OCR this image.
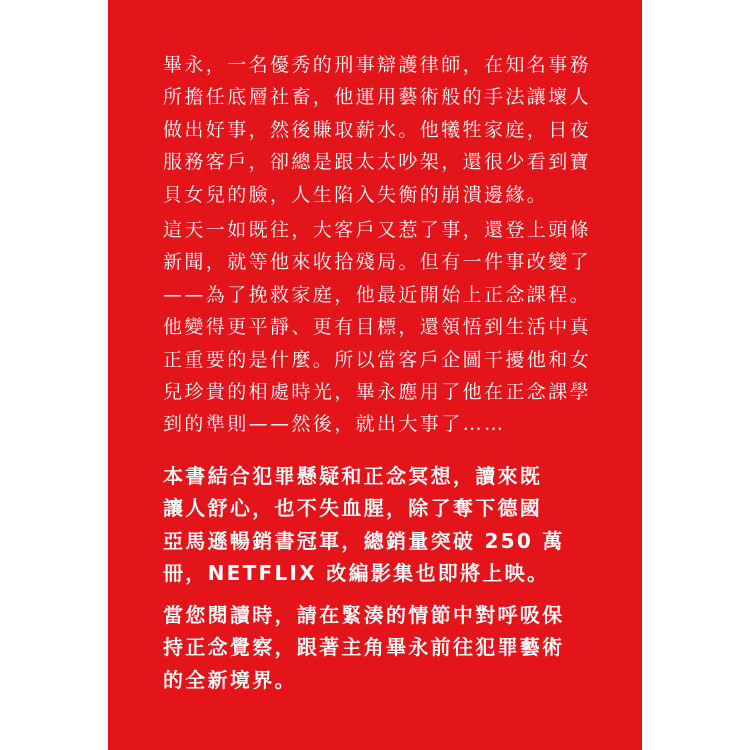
畢永，一名優秀的刑事辯護律師，在知名事務
所擔任底層社畜，他運用藝術般的手法讓壞人
做出好事，然後賺取薪水。他犧牲家庭，日夜
服務客戶，卻總是跟太太吵架，還很少看到寶
貝女兒的臉，人生陷入失衡的崩潰邊緣。
這天一如既往，大客戶又惹了事，還登上頭條
新聞，就等他來收拾殘局。但有一件事改變了
——為了挽救家庭，他最近開始上正念課程。
他變得更平靜、更有目標，還領悟到生活中真
正重要的是什麼。所以當客戶企圖干擾他和女
兒珍貴的相處時光，畢永應用了他在正念課學
到的準則——然後，就出大事了……
本書結合犯罪懸疑和正念冥想，讀來既
讓人舒心，也不失血腥，除了奪下德國
亞馬遜暢銷書冠軍，總銷量突破 250 萬
冊，NETFLIX 改編影集也即將上映。
當您閱讀時，請在緊湊的情節中對呼吸保
持正念覺察，跟著主角畢永前往犯罪藝術
的全新境界。
